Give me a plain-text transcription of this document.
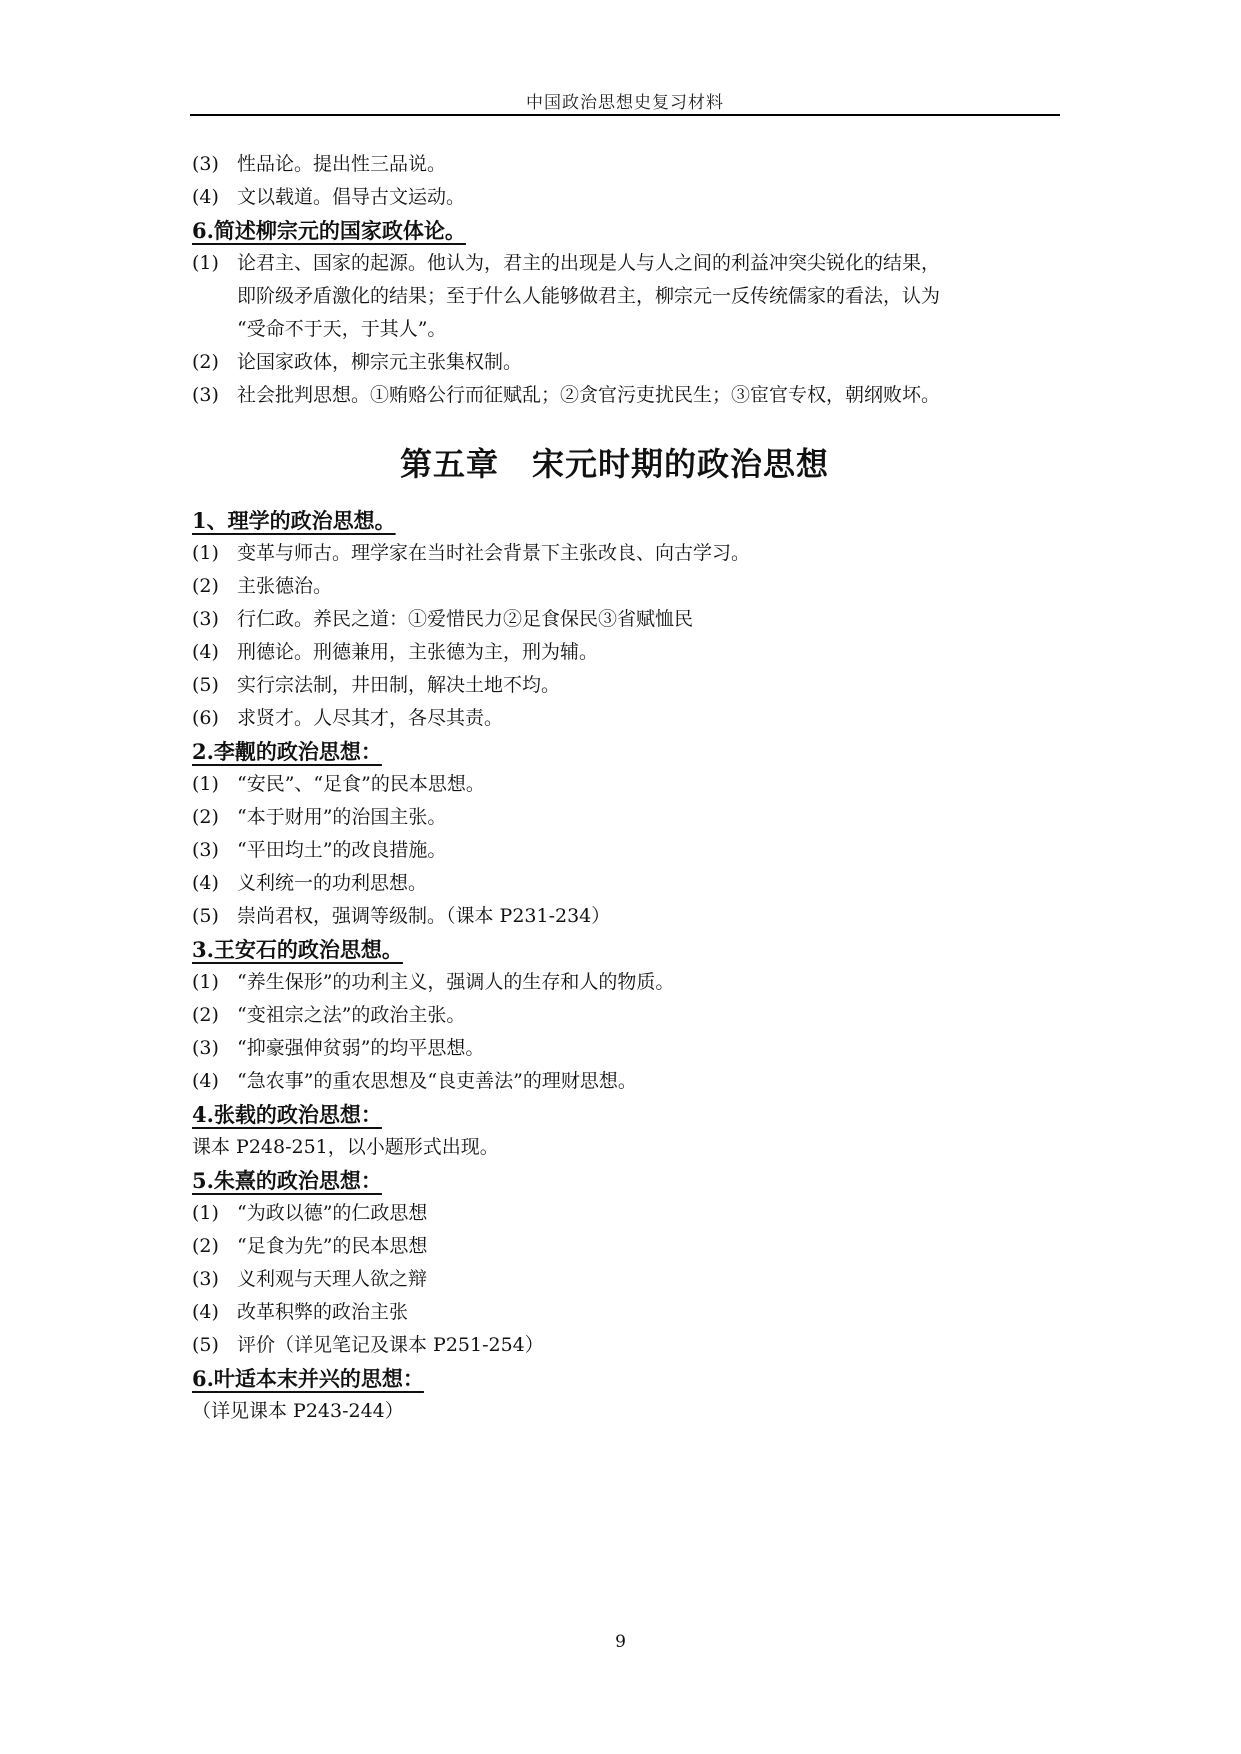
中国政治思想史复习材料
(3) 性品论。提出性三品说。
(4) 文以载道。倡导古文运动。
6.简述柳宗元的国家政体论。
(1) 论君主、国家的起源。他认为，君主的出现是人与人之间的利益冲突尖锐化的结果，
即阶级矛盾激化的结果；至于什么人能够做君主，柳宗元一反传统儒家的看法，认为
“受命不于天，于其人”。
(2) 论国家政体，柳宗元主张集权制。
(3) 社会批判思想。①贿赂公行而征赋乱；②贪官污吏扰民生；③宦官专权，朝纲败坏。
第五章　宋元时期的政治思想
1、理学的政治思想。
(1) 变革与师古。理学家在当时社会背景下主张改良、向古学习。
(2) 主张德治。
(3) 行仁政。养民之道：①爱惜民力②足食保民③省赋恤民
(4) 刑德论。刑德兼用，主张德为主，刑为辅。
(5) 实行宗法制，井田制，解决土地不均。
(6) 求贤才。人尽其才，各尽其责。
2.李觏的政治思想：
(1) “安民”、“足食”的民本思想。
(2) “本于财用”的治国主张。
(3) “平田均土”的改良措施。
(4) 义利统一的功利思想。
(5) 崇尚君权，强调等级制。（课本 P231-234）
3.王安石的政治思想。
(1) “养生保形”的功利主义，强调人的生存和人的物质。
(2) “变祖宗之法”的政治主张。
(3) “抑豪强伸贫弱”的均平思想。
(4) “急农事”的重农思想及“良吏善法”的理财思想。
4.张载的政治思想：
课本 P248-251，以小题形式出现。
5.朱熹的政治思想：
(1) “为政以德”的仁政思想
(2) “足食为先”的民本思想
(3) 义利观与天理人欲之辩
(4) 改革积弊的政治主张
(5) 评价（详见笔记及课本 P251-254）
6.叶适本末并兴的思想：
（详见课本 P243-244）
9
